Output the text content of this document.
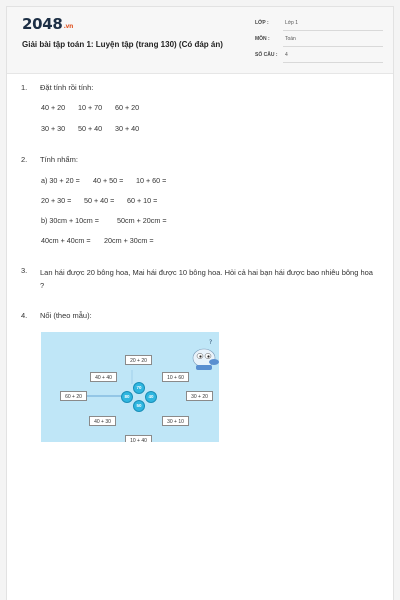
2048.vn
Giải bài tập toán 1: Luyện tập (trang 130) (Có đáp án)
LỚP :	Lớp 1
MÔN :	Toán
SỐ CÂU :	4
1. Đặt tính rồi tính:
40 + 20 10 + 70 60 + 20
30 + 30 50 + 40 30 + 40
2. Tính nhẩm:
a) 30 + 20 = 40 + 50 = 10 + 60 =
20 + 30 = 50 + 40 = 60 + 10 =
b) 30cm + 10cm =	50cm + 20cm =
40cm + 40cm = 20cm + 30cm =
3. Lan hái được 20 bông hoa, Mai hái được 10 bông hoa. Hỏi cả hai bạn hái được bao nhiêu bông hoa ?
4. Nối (theo mẫu):
?
20 + 20
40 + 40	10 + 60
60 + 20	30 + 20
40 + 30	30 + 10
10 + 40
70
80	40
50
